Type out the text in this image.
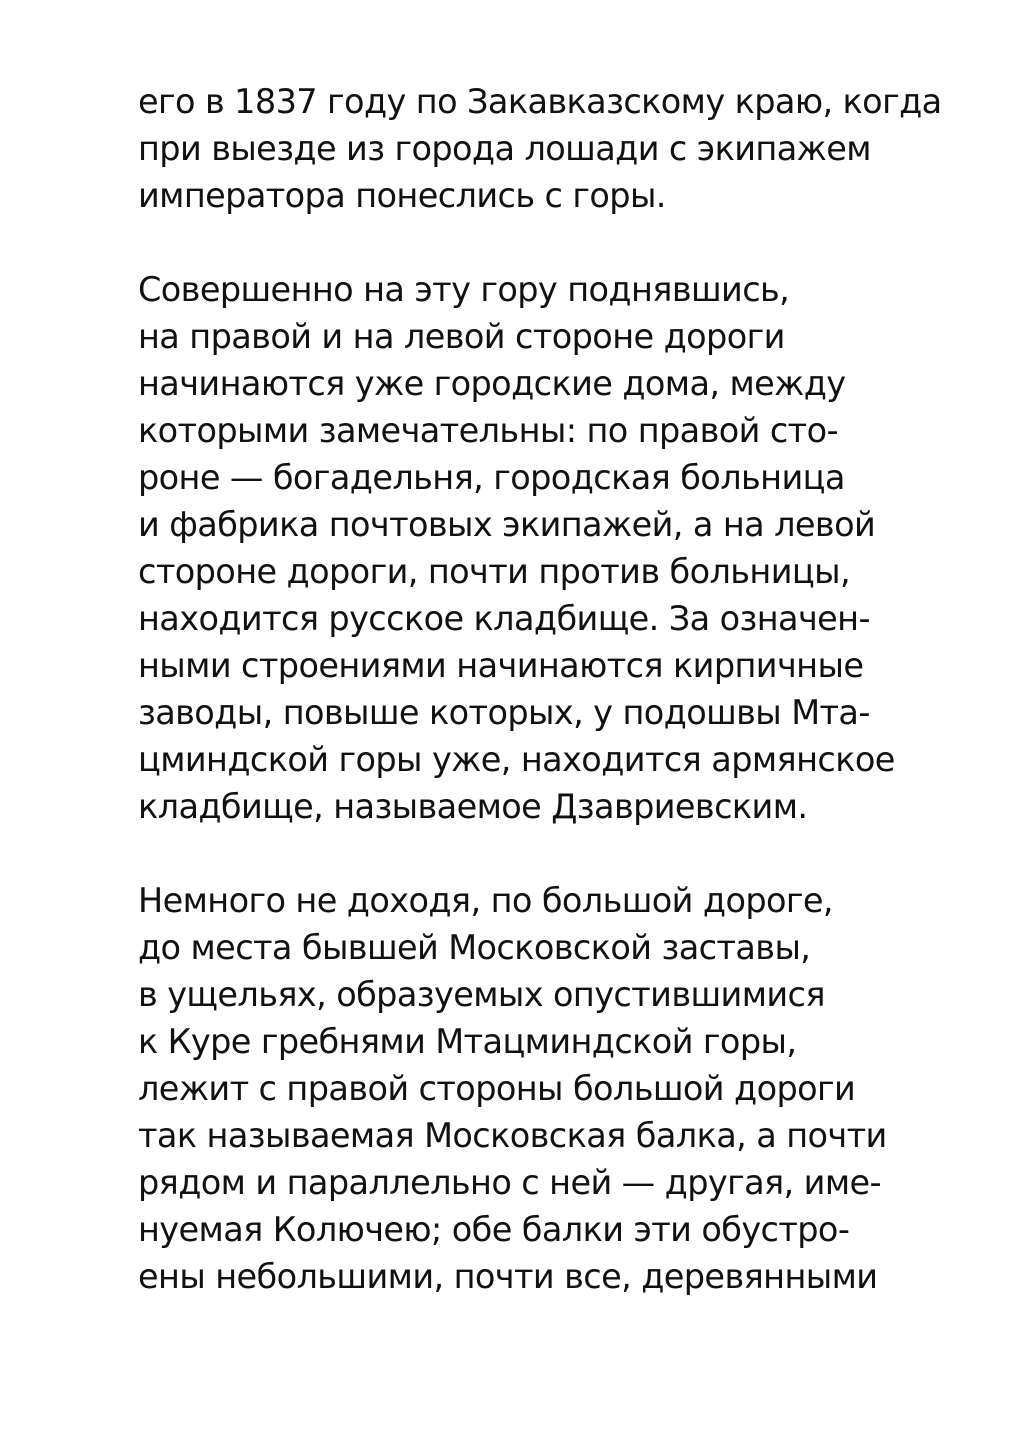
его в 1837 году по Закавказскому краю, когда
при выезде из города лошади с экипажем
императора понеслись с горы.

Совершенно на эту гору поднявшись,
на правой и на левой стороне дороги
начинаются уже городские дома, между
которыми замечательны: по правой сто-
роне — богадельня, городская больница
и фабрика почтовых экипажей, а на левой
стороне дороги, почти против больницы,
находится русское кладбище. За означен-
ными строениями начинаются кирпичные
заводы, повыше которых, у подошвы Мта-
цминдской горы уже, находится армянское
кладбище, называемое Дзавриевским.

Немного не доходя, по большой дороге,
до места бывшей Московской заставы,
в ущельях, образуемых опустившимися
к Куре гребнями Мтацминдской горы,
лежит с правой стороны большой дороги
так называемая Московская балка, а почти
рядом и параллельно с ней — другая, име-
нуемая Колючею; обе балки эти обустро-
ены небольшими, почти все, деревянными
